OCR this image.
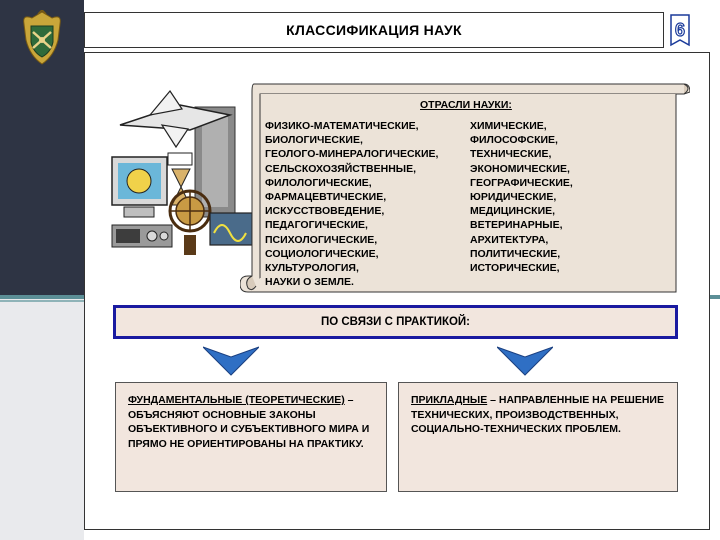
КЛАССИФИКАЦИЯ НАУК	6
ОТРАСЛИ НАУКИ:
ФИЗИКО-МАТЕМАТИЧЕСКИЕ,
БИОЛОГИЧЕСКИЕ,
ГЕОЛОГО-МИНЕРАЛОГИЧЕСКИЕ,
СЕЛЬСКОХОЗЯЙСТВЕННЫЕ,
ФИЛОЛОГИЧЕСКИЕ,
ФАРМАЦЕВТИЧЕСКИЕ,
ИСКУССТВОВЕДЕНИЕ,
ПЕДАГОГИЧЕСКИЕ,
ПСИХОЛОГИЧЕСКИЕ,
СОЦИОЛОГИЧЕСКИЕ,
КУЛЬТУРОЛОГИЯ,
НАУКИ О ЗЕМЛЕ.
ХИМИЧЕСКИЕ,
ФИЛОСОФСКИЕ,
ТЕХНИЧЕСКИЕ,
ЭКОНОМИЧЕСКИЕ,
ГЕОГРАФИЧЕСКИЕ,
ЮРИДИЧЕСКИЕ,
МЕДИЦИНСКИЕ,
ВЕТЕРИНАРНЫЕ,
АРХИТЕКТУРА,
ПОЛИТИЧЕСКИЕ,
ИСТОРИЧЕСКИЕ,
ПО СВЯЗИ С ПРАКТИКОЙ:
ФУНДАМЕНТАЛЬНЫЕ (ТЕОРЕТИЧЕСКИЕ) – ОБЪЯСНЯЮТ ОСНОВНЫЕ ЗАКОНЫ ОБЪЕКТИВНОГО И СУБЪЕКТИВНОГО МИРА И ПРЯМО НЕ ОРИЕНТИРОВАНЫ НА ПРАКТИКУ.
ПРИКЛАДНЫЕ – НАПРАВЛЕННЫЕ НА РЕШЕНИЕ ТЕХНИЧЕСКИХ, ПРОИЗВОДСТВЕННЫХ, СОЦИАЛЬНО-ТЕХНИЧЕСКИХ ПРОБЛЕМ.
